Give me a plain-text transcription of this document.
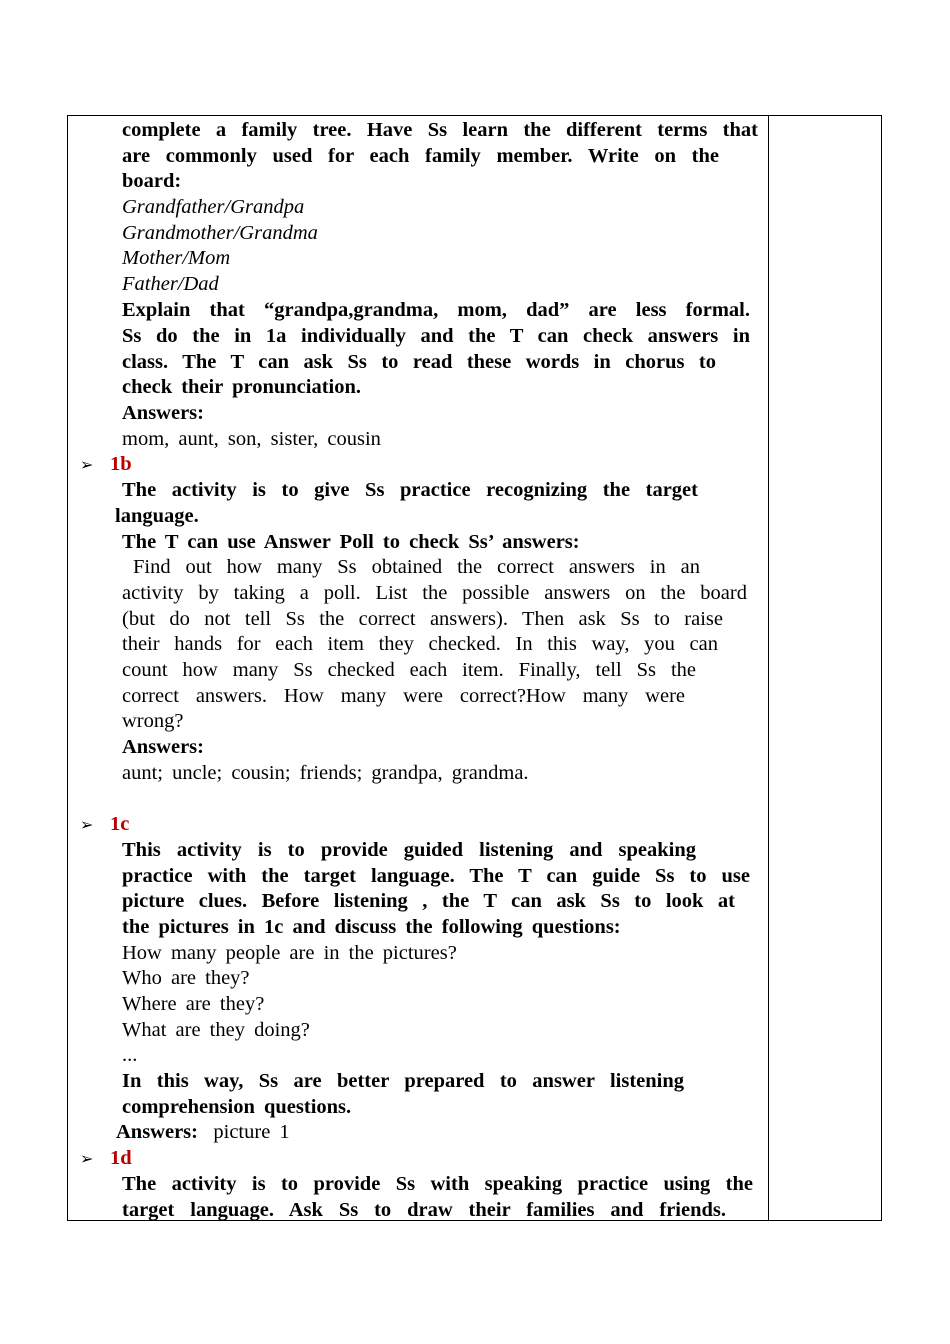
complete a family tree. Have Ss learn the different terms that
are commonly used for each family member. Write on the
board:
Grandfather/Grandpa
Grandmother/Grandma
Mother/Mom
Father/Dad
Explain that “grandpa,grandma, mom, dad” are less formal.
Ss do the in 1a individually and the T can check answers in
class. The T can ask Ss to read these words in chorus to
check their pronunciation.
Answers:
mom, aunt, son, sister, cousin
➢ 1b
The activity is to give Ss practice recognizing the target
language.
The T can use Answer Poll to check Ss’ answers:
Find out how many Ss obtained the correct answers in an
activity by taking a poll. List the possible answers on the board
(but do not tell Ss the correct answers). Then ask Ss to raise
their hands for each item they checked. In this way, you can
count how many Ss checked each item. Finally, tell Ss the
correct answers. How many were correct?How many were
wrong?
Answers:
aunt; uncle; cousin; friends; grandpa, grandma.
➢ 1c
This activity is to provide guided listening and speaking
practice with the target language. The T can guide Ss to use
picture clues. Before listening , the T can ask Ss to look at
the pictures in 1c and discuss the following questions:
How many people are in the pictures?
Who are they?
Where are they?
What are they doing?
...
In this way, Ss are better prepared to answer listening
comprehension questions.
Answers: picture 1
➢ 1d
The activity is to provide Ss with speaking practice using the
target language. Ask Ss to draw their families and friends.
